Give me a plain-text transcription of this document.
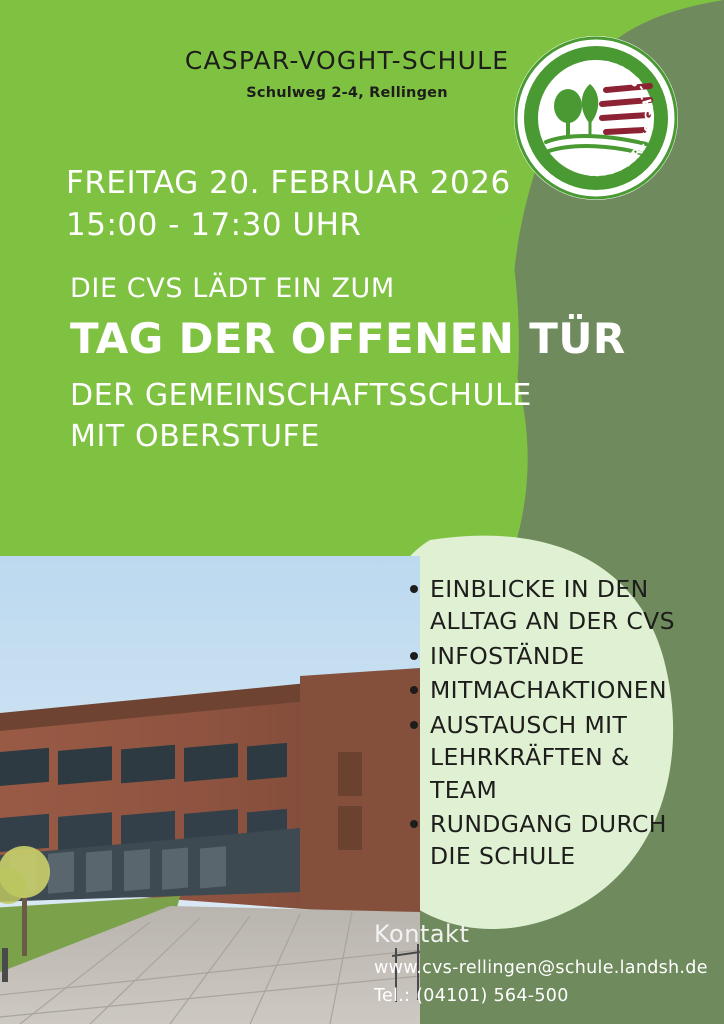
CASPAR-VOGHT-SCHULE
Schulweg 2-4, Rellingen
CASPAR-VOGHT-SCHULE
FREITAG 20. FEBRUAR 2026
15:00 - 17:30 UHR
DIE CVS LÄDT EIN ZUM
TAG DER OFFENEN TÜR
DER GEMEINSCHAFTSSCHULE
MIT OBERSTUFE
EINBLICKE IN DEN ALLTAG AN DER CVS
INFOSTÄNDE
MITMACHAKTIONEN
AUSTAUSCH MIT LEHRKRÄFTEN & TEAM
RUNDGANG DURCH DIE SCHULE
Kontakt
www.cvs-rellingen@schule.landsh.de
Tel.: (04101) 564-500
